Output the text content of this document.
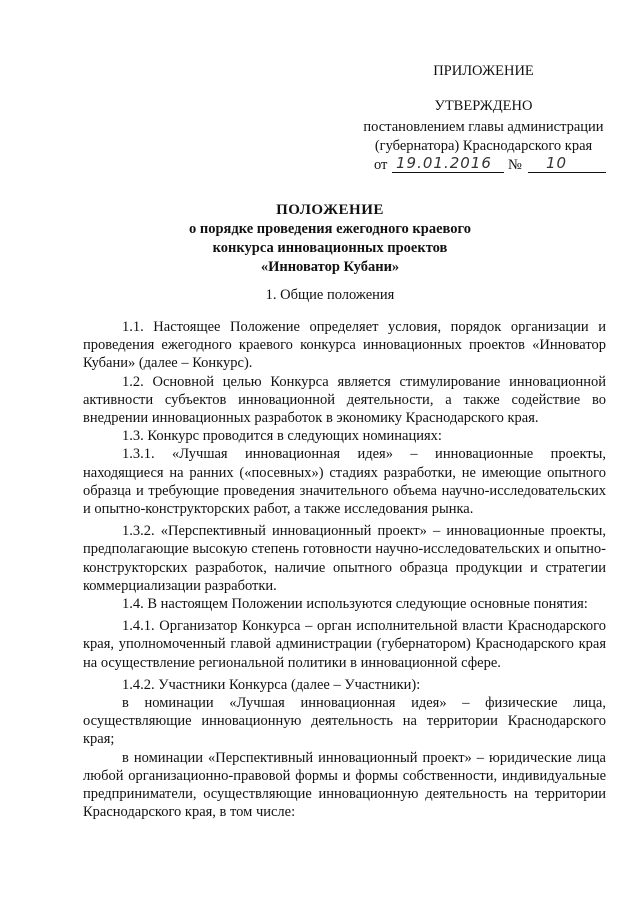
ПРИЛОЖЕНИЕ
УТВЕРЖДЕНО
постановлением главы администрации
(губернатора) Краснодарского края
от 19.01.2016 № 10
ПОЛОЖЕНИЕ
о порядке проведения ежегодного краевого
конкурса инновационных проектов
«Инноватор Кубани»
1. Общие положения

1.1. Настоящее Положение определяет условия, порядок организации и проведения ежегодного краевого конкурса инновационных проектов «Инноватор Кубани» (далее – Конкурс).

1.2. Основной целью Конкурса является стимулирование инновационной активности субъектов инновационной деятельности, а также содействие во внедрении инновационных разработок в экономику Краснодарского края.

1.3. Конкурс проводится в следующих номинациях:

1.3.1. «Лучшая инновационная идея» – инновационные проекты, находящиеся на ранних («посевных») стадиях разработки, не имеющие опытного образца и требующие проведения значительного объема научно-исследовательских и опытно-конструкторских работ, а также исследования рынка.

1.3.2. «Перспективный инновационный проект» – инновационные проекты, предполагающие высокую степень готовности научно-исследовательских и опытно-конструкторских разработок, наличие опытного образца продукции и стратегии коммерциализации разработки.

1.4. В настоящем Положении используются следующие основные понятия:

1.4.1. Организатор Конкурса – орган исполнительной власти Краснодарского края, уполномоченный главой администрации (губернатором) Краснодарского края на осуществление региональной политики в инновационной сфере.

1.4.2. Участники Конкурса (далее – Участники):

в номинации «Лучшая инновационная идея» – физические лица, осуществляющие инновационную деятельность на территории Краснодарского края;

в номинации «Перспективный инновационный проект» – юридические лица любой организационно-правовой формы и формы собственности, индивидуальные предприниматели, осуществляющие инновационную деятельность на территории Краснодарского края, в том числе:
